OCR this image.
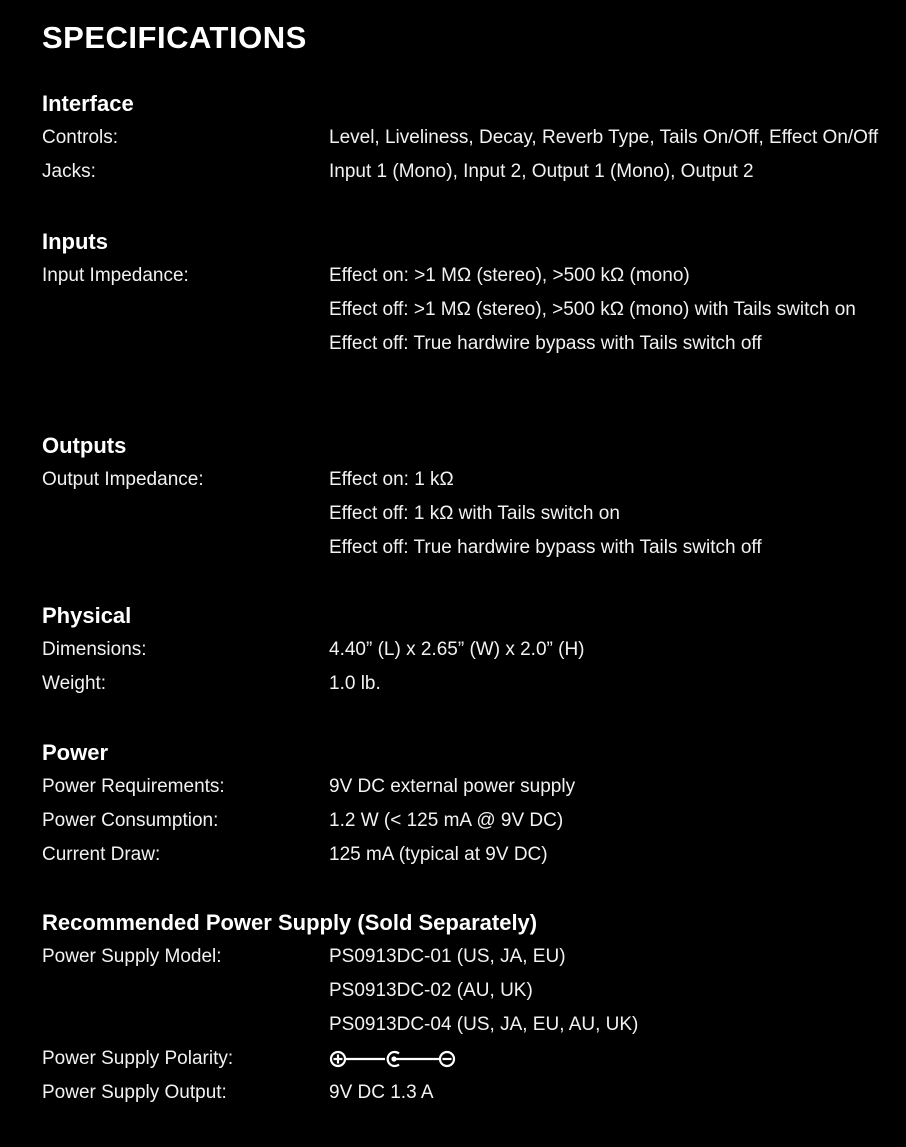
SPECIFICATIONS
Interface
Controls:	Level, Liveliness, Decay, Reverb Type, Tails On/Off, Effect On/Off
Jacks:	Input 1 (Mono), Input 2, Output 1 (Mono), Output 2
Inputs
Input Impedance:	Effect on: >1 MΩ (stereo), >500 kΩ (mono)
Effect off: >1 MΩ (stereo), >500 kΩ (mono) with Tails switch on
Effect off: True hardwire bypass with Tails switch off
Outputs
Output Impedance:	Effect on: 1 kΩ
Effect off: 1 kΩ with Tails switch on
Effect off: True hardwire bypass with Tails switch off
Physical
Dimensions:	4.40” (L) x 2.65” (W) x 2.0” (H)
Weight:	1.0 lb.
Power
Power Requirements:	9V DC external power supply
Power Consumption:	1.2 W (< 125 mA @ 9V DC)
Current Draw:	125 mA (typical at 9V DC)
Recommended Power Supply (Sold Separately)
Power Supply Model:	PS0913DC-01 (US, JA, EU)
PS0913DC-02 (AU, UK)
PS0913DC-04 (US, JA, EU, AU, UK)
Power Supply Polarity:
Power Supply Output:	9V DC 1.3 A
